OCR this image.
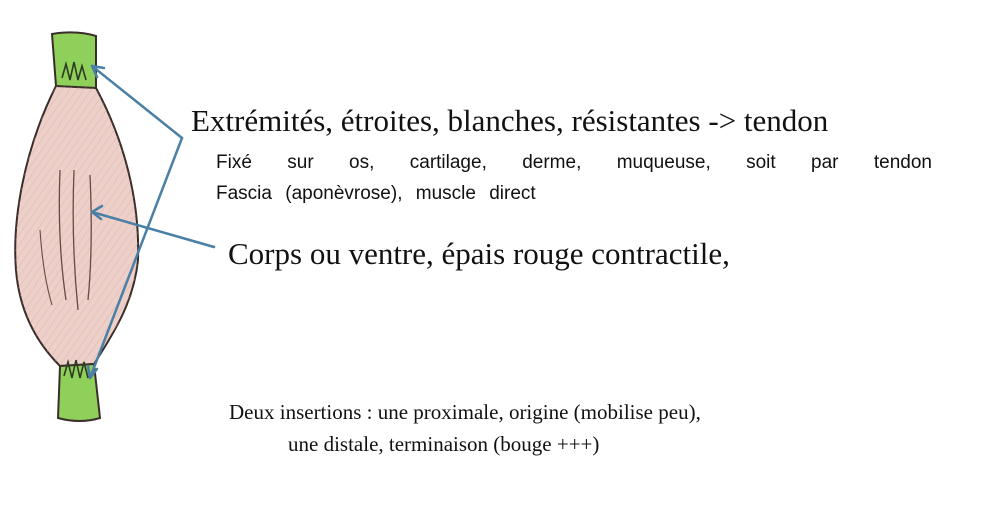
Extrémités, étroites, blanches, résistantes -> tendon
Fixé sur os, cartilage, derme, muqueuse, soit par tendon
Fascia (aponèvrose), muscle direct
Corps ou ventre, épais rouge contractile,
Deux insertions : une proximale, origine (mobilise peu),
une distale, terminaison (bouge +++)
